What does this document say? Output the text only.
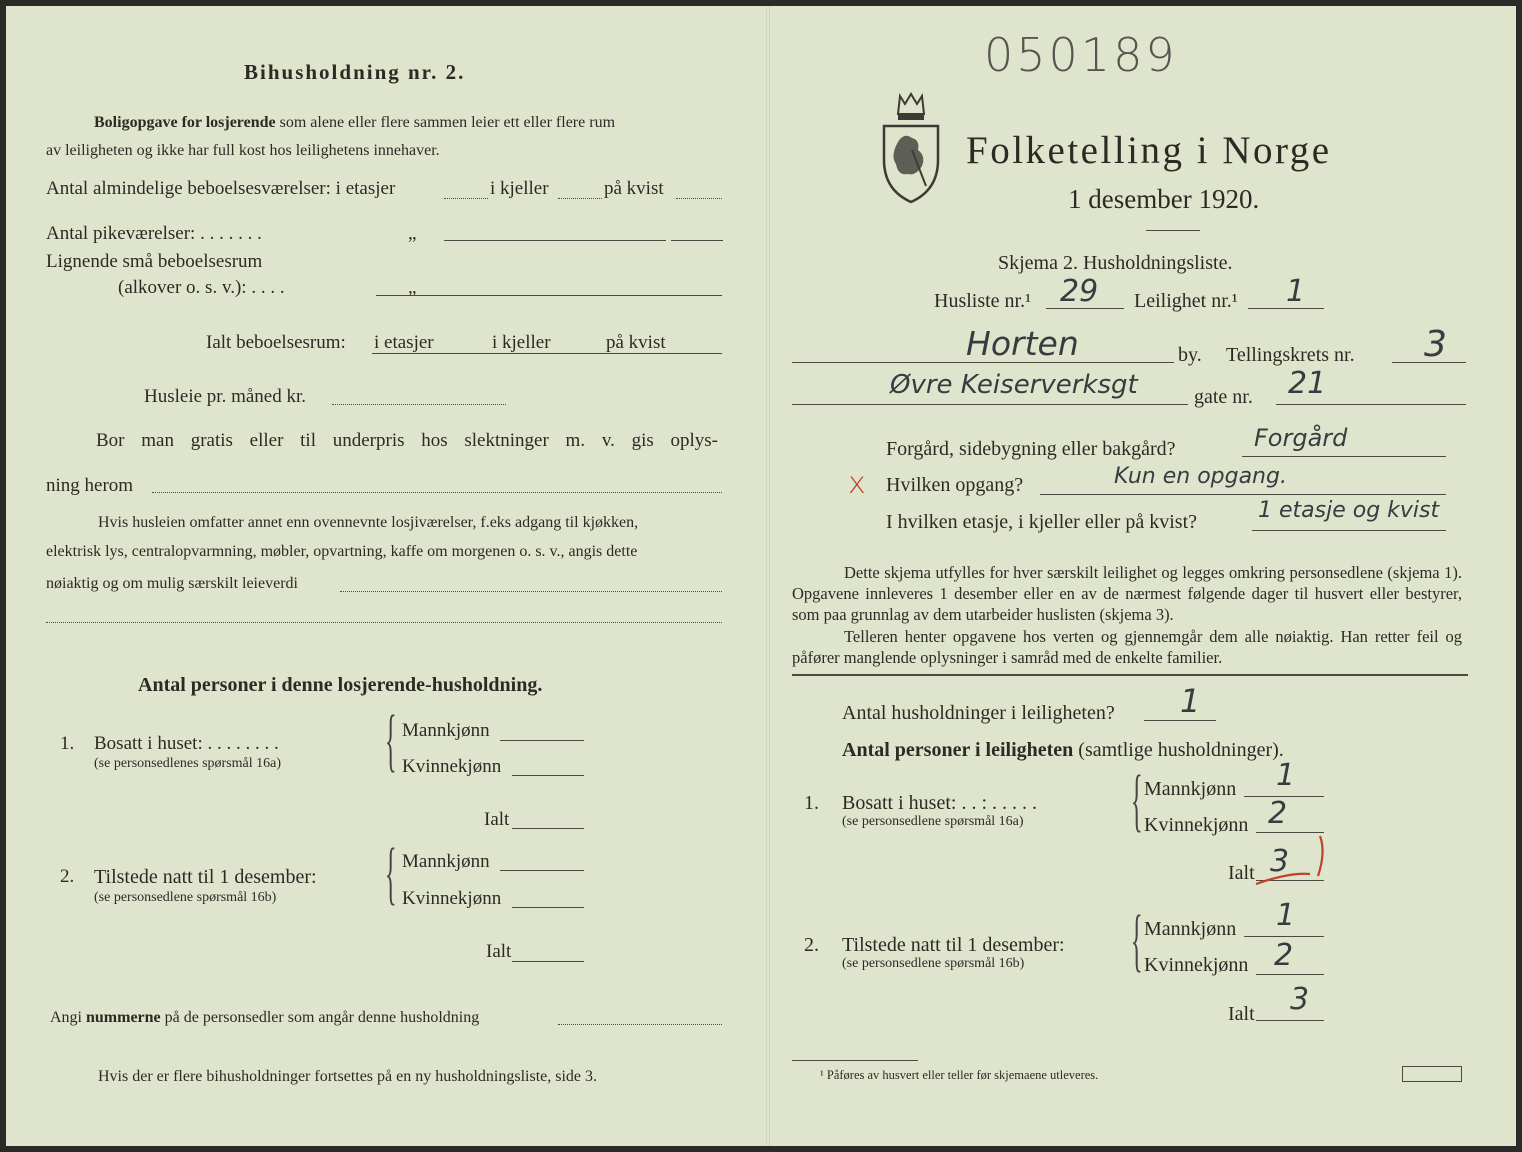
Bihusholdning nr. 2.
Boligopgave for losjerende som alene eller flere sammen leier ett eller flere rum
av leiligheten og ikke har full kost hos leilighetens innehaver.
Antal almindelige beboelsesværelser: i etasjer	i kjeller	på kvist
Antal pikeværelser: . . . . . . .	„
Lignende små beboelsesrum
(alkover o. s. v.): . . . .	„
Ialt beboelsesrum: i etasjer	i kjeller	på kvist
Husleie pr. måned kr.
Bor man gratis eller til underpris hos slektninger m. v. gis oplys-
ning herom
Hvis husleien omfatter annet enn ovennevnte losjiværelser, f.eks adgang til kjøkken,
elektrisk lys, centralopvarmning, møbler, opvartning, kaffe om morgenen o. s. v., angis dette
nøiaktig og om mulig særskilt leieverdi
Antal personer i denne losjerende-husholdning.
1. Bosatt i huset: . . . . . . . .
(se personsedlenes spørsmål 16a) { Mannkjønn
Kvinnekjønn
Ialt
2. Tilstede natt til 1 desember:
(se personsedlene spørsmål 16b) { Mannkjønn
Kvinnekjønn
Ialt
Angi nummerne på de personsedler som angår denne husholdning
Hvis der er flere bihusholdninger fortsettes på en ny husholdningsliste, side 3.
050189
Folketelling i Norge
1 desember 1920.
Skjema 2. Husholdningsliste.
Husliste nr.¹ 29 Leilighet nr.¹ 1
Horten	by. Tellingskrets nr. 3
Øvre Keiserverksgt	gate nr. 21
Forgård, sidebygning eller bakgård?	Forgård
x Hvilken opgang?	Kun en opgang.
I hvilken etasje, i kjeller eller på kvist?	1 etasje og kvist
Dette skjema utfylles for hver særskilt leilighet og legges omkring personsedlene (skjema 1). Opgavene innleveres 1 desember eller en av de nærmest følgende dager til husvert eller bestyrer, som paa grunnlag av dem utarbeider huslisten (skjema 3).
Telleren henter opgavene hos verten og gjennemgår dem alle nøiaktig. Han retter feil og påfører manglende oplysninger i samråd med de enkelte familier.
Antal husholdninger i leiligheten? 1
Antal personer i leiligheten (samtlige husholdninger).
1. Bosatt i huset: . . : . . . . .
(se personsedlene spørsmål 16a) { Mannkjønn 1
Kvinnekjønn 2
Ialt 3
2. Tilstede natt til 1 desember:
(se personsedlene spørsmål 16b) { Mannkjønn 1
Kvinnekjønn 2
Ialt 3
¹ Påføres av husvert eller teller før skjemaene utleveres.
